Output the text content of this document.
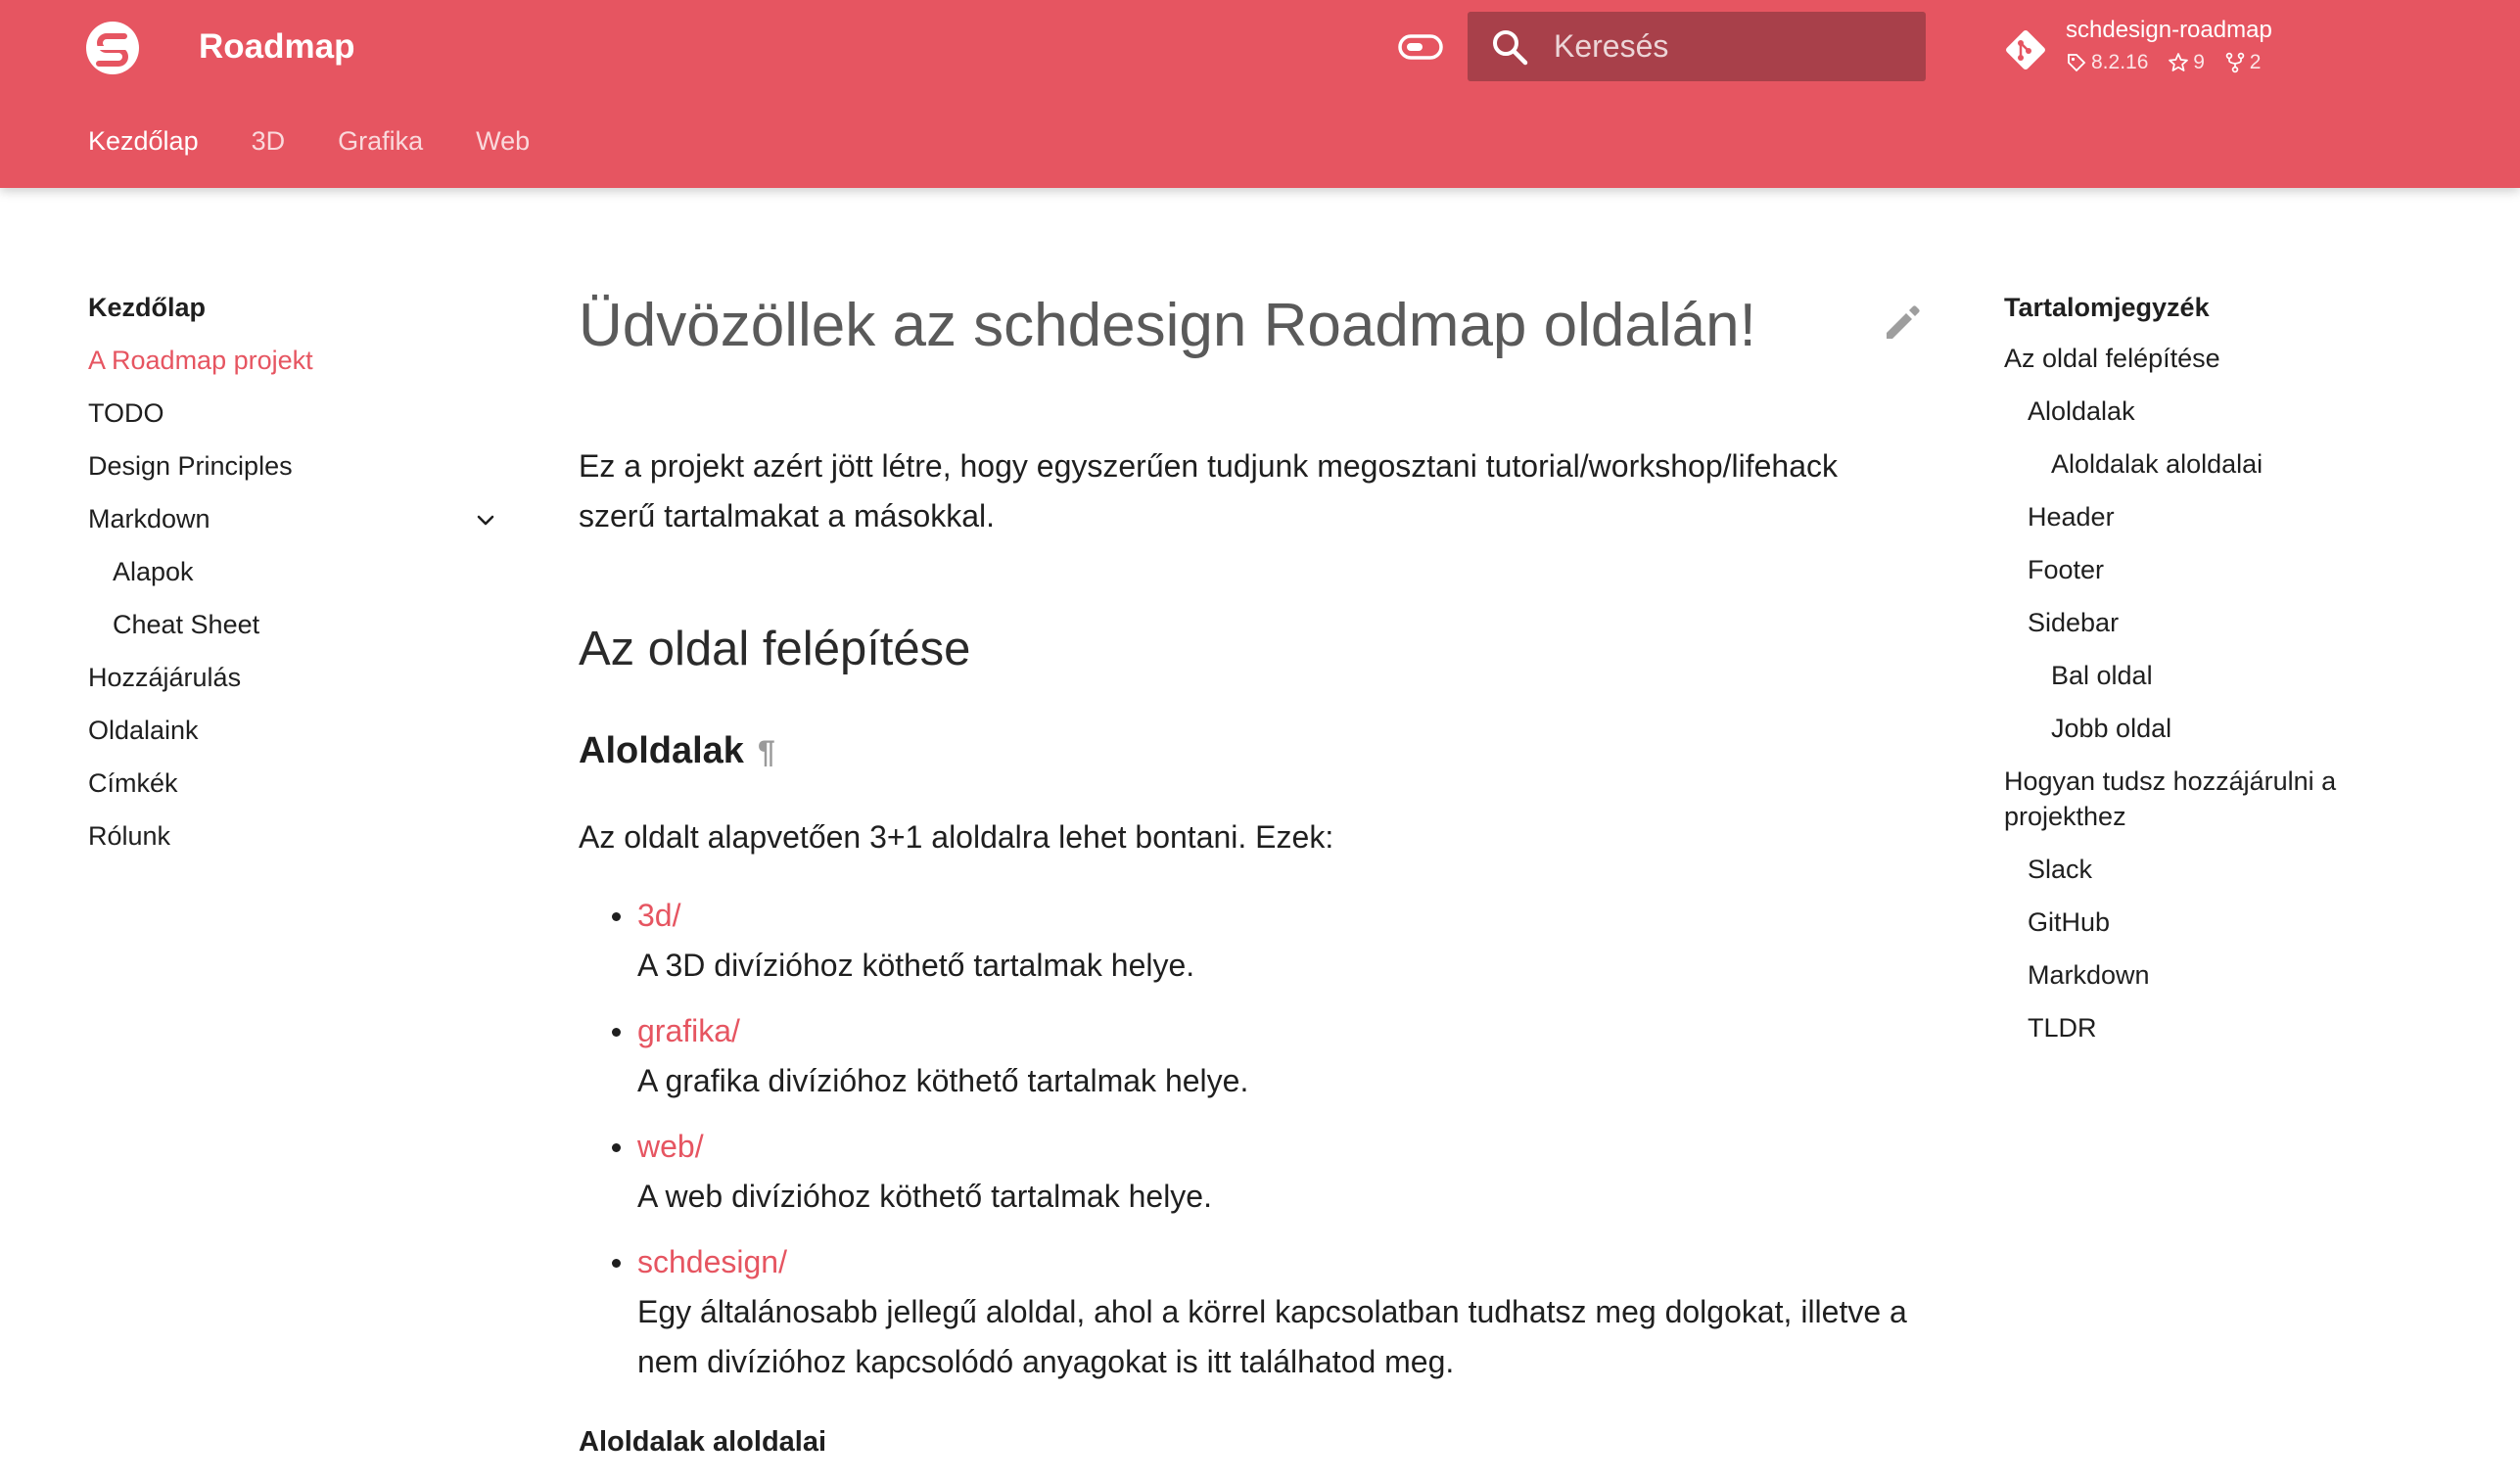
Roadmap
Keresés	schdesign-roadmap
8.2.16
9
2
Kezdőlap 3D Grafika Web
Kezdőlap
A Roadmap projekt
TODO
Design Principles
Markdown
Alapok
Cheat Sheet
Hozzájárulás
Oldalaink
Címkék
Rólunk
Üdvözöllek az schdesign Roadmap oldalán!

Ez a projekt azért jött létre, hogy egyszerűen tudjunk megosztani tutorial/workshop/lifehack szerű tartalmakat a másokkal.

Az oldal felépítése
Aloldalak ¶

Az oldalt alapvetően 3+1 aloldalra lehet bontani. Ezek:

3d/
A 3D divízióhoz köthető tartalmak helye.
grafika/
A grafika divízióhoz köthető tartalmak helye.
web/
A web divízióhoz köthető tartalmak helye.
schdesign/
Egy általánosabb jellegű aloldal, ahol a körrel kapcsolatban tudhatsz meg dolgokat, illetve a nem divízióhoz kapcsolódó anyagokat is itt találhatod meg.
Aloldalak aloldalai
Tartalomjegyzék
Az oldal felépítése
Aloldalak
Aloldalak aloldalai
Header
Footer
Sidebar
Bal oldal
Jobb oldal
Hogyan tudsz hozzájárulni a projekthez
Slack
GitHub
Markdown
TLDR
